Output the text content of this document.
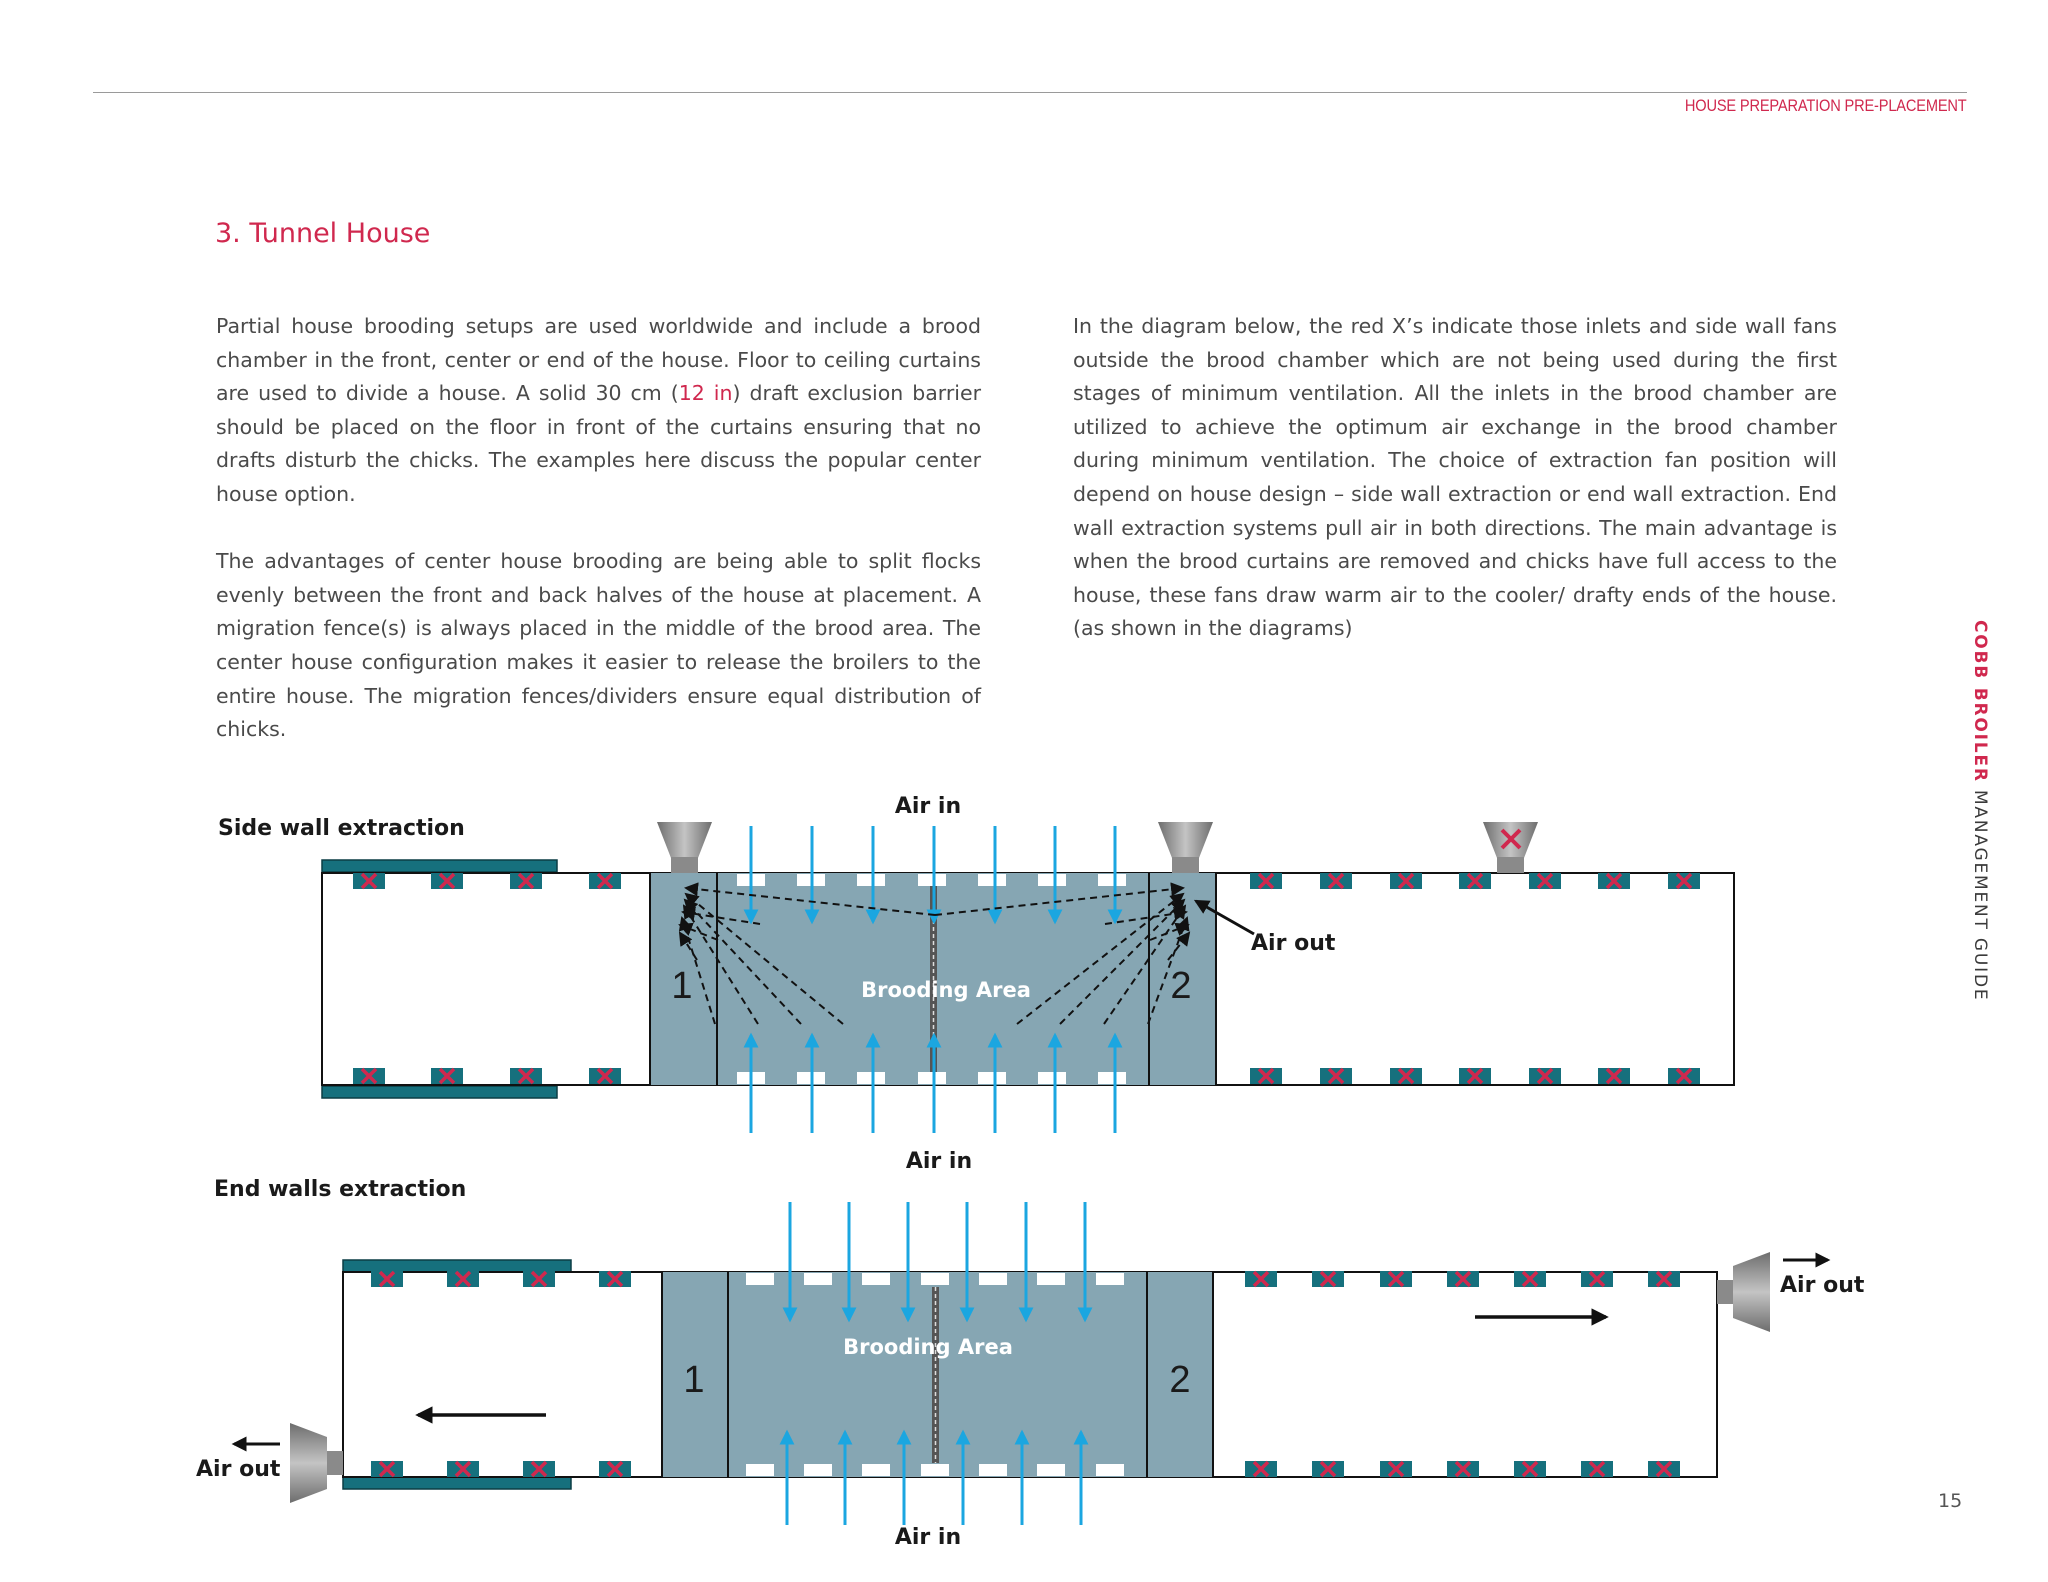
HOUSE PREPARATION PRE-PLACEMENT
3. Tunnel House

Partial house brooding setups are used worldwide and include a brood chamber in the front, center or end of the house. Floor to ceiling curtains are used to divide a house. A solid 30 cm (12 in) draft exclusion barrier should be placed on the floor in front of the curtains ensuring that no drafts disturb the chicks. The examples here discuss the popular center house option.

The advantages of center house brooding are being able to split flocks evenly between the front and back halves of the house at placement. A migration fence(s) is always placed in the middle of the brood area. The center house configuration makes it easier to release the broilers to the entire house. The migration fences/dividers ensure equal distribution of chicks.

In the diagram below, the red X’s indicate those inlets and side wall fans outside the brood chamber which are not being used during the first stages of minimum ventilation. All the inlets in the brood chamber are utilized to achieve the optimum air exchange in the brood chamber during minimum ventilation. The choice of extraction fan position will depend on house design – side wall extraction or end wall extraction. End wall extraction systems pull air in both directions. The main advantage is when the brood curtains are removed and chicks have full access to the house, these fans draw warm air to the cooler/ drafty ends of the house. (as shown in the diagrams)	COBB BROILER MANAGEMENT GUIDE
15
Side wall extraction
Air in
Air in
Air out
1	2
Brooding Area
End walls extraction
Air in
Air out
Air out
1	2
Brooding Area
